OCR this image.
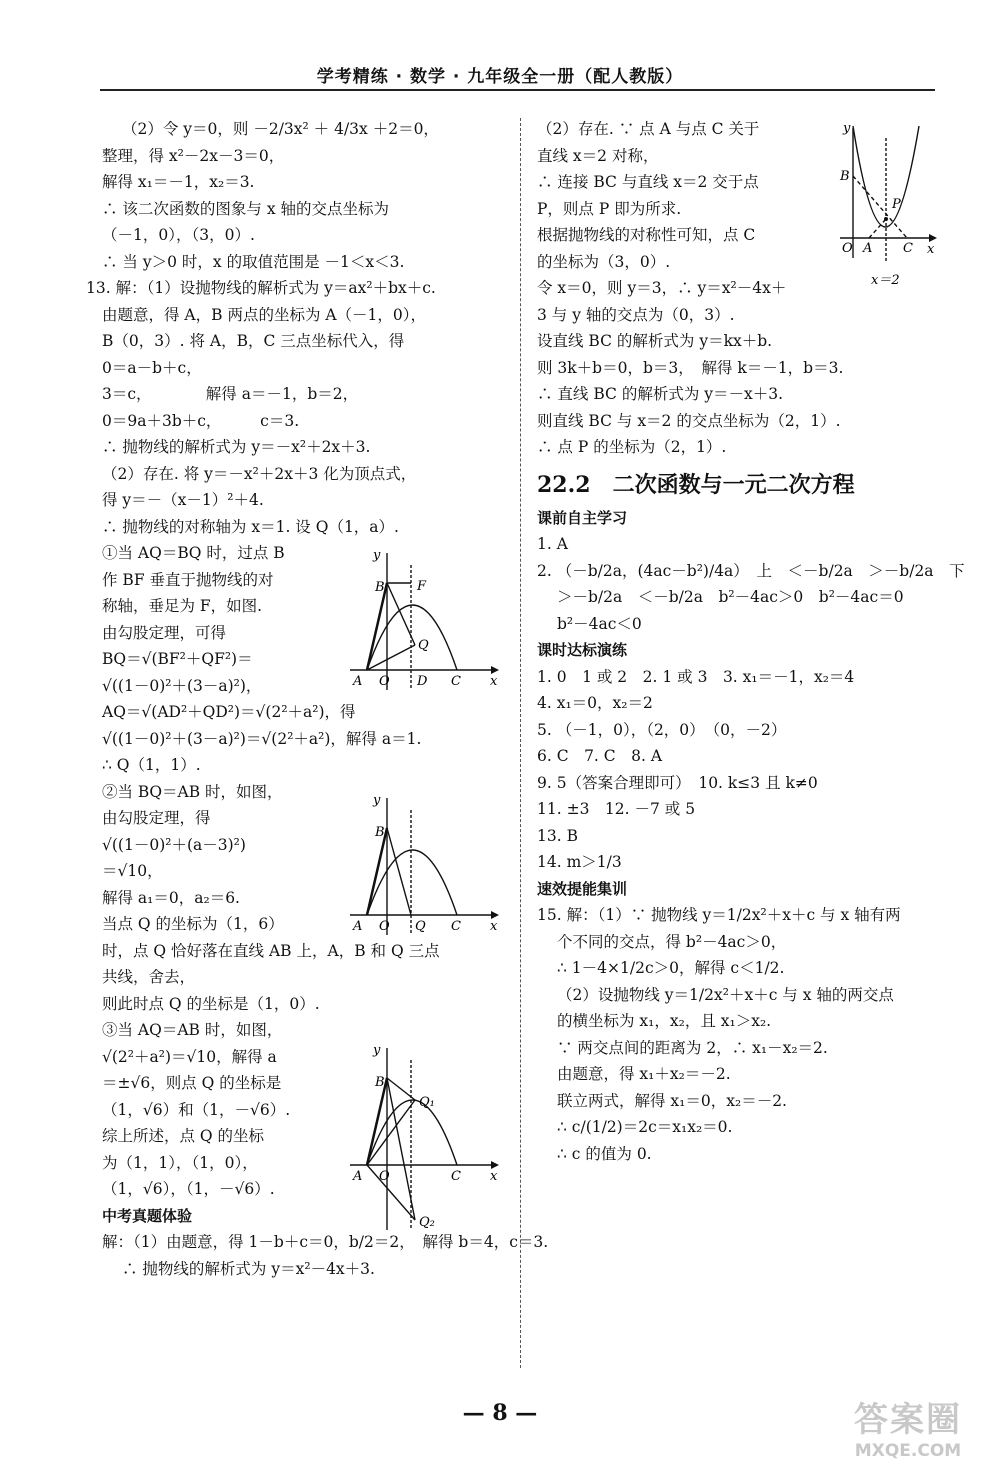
学考精练 · 数学 · 九年级全一册（配人教版）

（2）令 y＝0，则 －2/3x² ＋ 4/3x ＋2＝0，

整理，得 x²－2x－3＝0，

解得 x₁＝－1，x₂＝3.

∴ 该二次函数的图象与 x 轴的交点坐标为

（－1，0），（3，0）.

∴ 当 y＞0 时，x 的取值范围是 －1＜x＜3.

13. 解：（1）设抛物线的解析式为 y＝ax²＋bx＋c.

由题意，得 A，B 两点的坐标为 A（－1，0），

B（0，3）. 将 A，B，C 三点坐标代入，得

0＝a－b＋c，

3＝c，　　　　解得 a＝－1，b＝2，

0＝9a＋3b＋c，　　　c＝3.

∴ 抛物线的解析式为 y＝－x²＋2x＋3.

（2）存在. 将 y＝－x²＋2x＋3 化为顶点式，

得 y＝－（x－1）²＋4.

∴ 抛物线的对称轴为 x＝1. 设 Q（1，a）.

①当 AQ＝BQ 时，过点 B

作 BF 垂直于抛物线的对

称轴，垂足为 F，如图.

由勾股定理，可得

BQ＝√(BF²＋QF²)＝

√((1－0)²＋(3－a)²)，

AQ＝√(AD²＋QD²)＝√(2²＋a²)，得

√((1－0)²＋(3－a)²)＝√(2²＋a²)，解得 a＝1.

∴ Q（1，1）.

②当 BQ＝AB 时，如图，

由勾股定理，得

√((1－0)²＋(a－3)²)

＝√10，

解得 a₁＝0，a₂＝6.

当点 Q 的坐标为（1，6）

时，点 Q 恰好落在直线 AB 上，A，B 和 Q 三点

共线，舍去，

则此时点 Q 的坐标是（1，0）.

③当 AQ＝AB 时，如图，

√(2²＋a²)＝√10，解得 a

＝±√6，则点 Q 的坐标是

（1，√6）和（1，－√6）.

综上所述，点 Q 的坐标

为（1，1），（1，0），

（1，√6），（1，－√6）.

中考真题体验

解：（1）由题意，得 1－b＋c＝0，b/2＝2，　解得 b＝4，c＝3.

∴ 抛物线的解析式为 y＝x²－4x＋3.

（2）存在. ∵ 点 A 与点 C 关于

直线 x＝2 对称，

∴ 连接 BC 与直线 x＝2 交于点

P，则点 P 即为所求.

根据抛物线的对称性可知，点 C

的坐标为（3，0）.

令 x＝0，则 y＝3，∴ y＝x²－4x＋

3 与 y 轴的交点为（0，3）.

设直线 BC 的解析式为 y＝kx＋b.

则 3k＋b＝0，b＝3，　解得 k＝－1，b＝3.

∴ 直线 BC 的解析式为 y＝－x＋3.

则直线 BC 与 x＝2 的交点坐标为（2，1）.

∴ 点 P 的坐标为（2，1）.

22.2　二次函数与一元二次方程

课前自主学习

1. A

2. （－b/2a，(4ac－b²)/4a）　上　＜－b/2a　＞－b/2a　下

＞－b/2a　＜－b/2a　b²－4ac＞0　b²－4ac＝0

b²－4ac＜0

课时达标演练

1. 0　1 或 2　2. 1 或 3　3. x₁＝－1，x₂＝4

4. x₁＝0，x₂＝2

5. （－1，0），（2，0）　（0，－2）

6. C　7. C　8. A

9. 5（答案合理即可）　10. k≤3 且 k≠0

11. ±3　12. －7 或 5

13. B

14. m＞1/3

速效提能集训

15. 解：（1）∵ 抛物线 y＝1/2x²＋x＋c 与 x 轴有两

个不同的交点，得 b²－4ac＞0，

∴ 1－4×1/2c＞0，解得 c＜1/2.

（2）设抛物线 y＝1/2x²＋x＋c 与 x 轴的两交点

的横坐标为 x₁，x₂，且 x₁＞x₂.

∵ 两交点间的距离为 2，∴ x₁－x₂＝2.

由题意，得 x₁＋x₂＝－2.

联立两式，解得 x₁＝0，x₂＝－2.

∴ c/(1/2)＝2c＝x₁x₂＝0.

∴ c 的值为 0.

y
x
B F
Q
A O D C
y
x
B
A O Q C
y
x
B
Q₁
Q₂
A O	C
y
x
B
P
O A C
x＝2
— 8 —	答案圈
MXQE.COM
